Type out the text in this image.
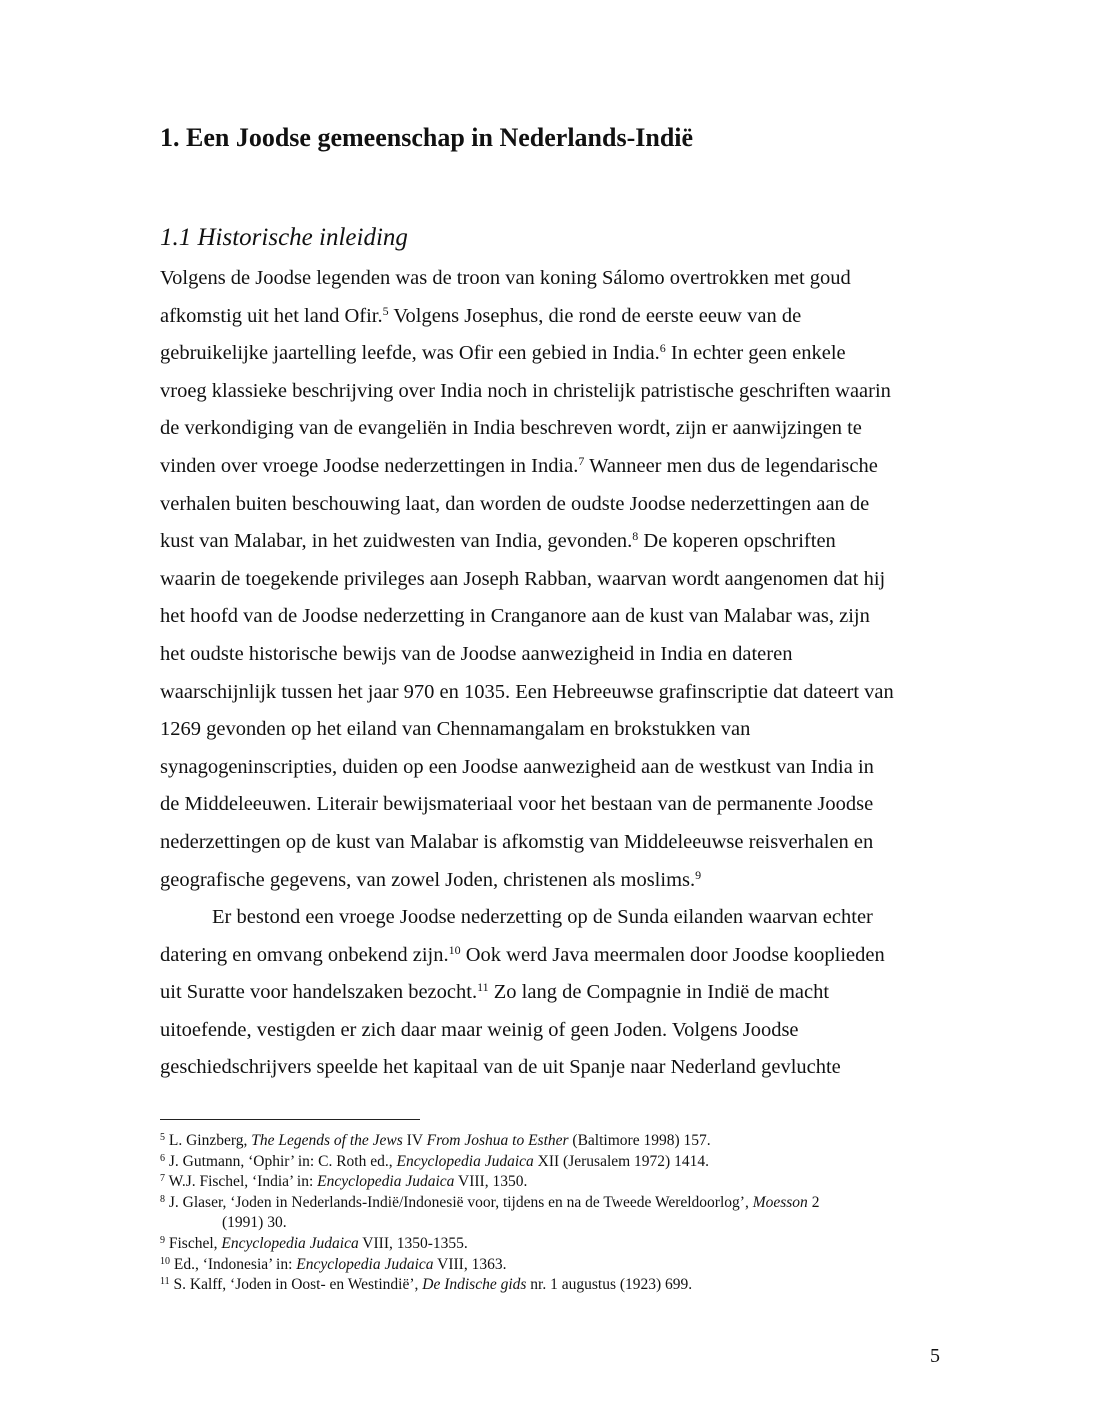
1. Een Joodse gemeenschap in Nederlands-Indië
1.1 Historische inleiding
Volgens de Joodse legenden was de troon van koning Sálomo overtrokken met goud
afkomstig uit het land Ofir.$^5$ Volgens Josephus, die rond de eerste eeuw van de
gebruikelijke jaartelling leefde, was Ofir een gebied in India.$^6$ In echter geen enkele
vroeg klassieke beschrijving over India noch in christelijk patristische geschriften waarin
de verkondiging van de evangeliën in India beschreven wordt, zijn er aanwijzingen te
vinden over vroege Joodse nederzettingen in India.$^7$ Wanneer men dus de legendarische
verhalen buiten beschouwing laat, dan worden de oudste Joodse nederzettingen aan de
kust van Malabar, in het zuidwesten van India, gevonden.$^8$ De koperen opschriften
waarin de toegekende privileges aan Joseph Rabban, waarvan wordt aangenomen dat hij
het hoofd van de Joodse nederzetting in Cranganore aan de kust van Malabar was, zijn
het oudste historische bewijs van de Joodse aanwezigheid in India en dateren
waarschijnlijk tussen het jaar 970 en 1035. Een Hebreeuwse grafinscriptie dat dateert van
1269 gevonden op het eiland van Chennamangalam en brokstukken van
synagogeninscripties, duiden op een Joodse aanwezigheid aan de westkust van India in
de Middeleeuwen. Literair bewijsmateriaal voor het bestaan van de permanente Joodse
nederzettingen op de kust van Malabar is afkomstig van Middeleeuwse reisverhalen en
geografische gegevens, van zowel Joden, christenen als moslims.$^9$
Er bestond een vroege Joodse nederzetting op de Sunda eilanden waarvan echter
datering en omvang onbekend zijn.$^{10}$ Ook werd Java meermalen door Joodse kooplieden
uit Suratte voor handelszaken bezocht.$^{11}$ Zo lang de Compagnie in Indië de macht
uitoefende, vestigden er zich daar maar weinig of geen Joden. Volgens Joodse
geschiedschrijvers speelde het kapitaal van de uit Spanje naar Nederland gevluchte
$^5$ L. Ginzberg, The Legends of the Jews IV From Joshua to Esther (Baltimore 1998) 157.
$^6$ J. Gutmann, ‘Ophir’ in: C. Roth ed., Encyclopedia Judaica XII (Jerusalem 1972) 1414.
$^7$ W.J. Fischel, ‘India’ in: Encyclopedia Judaica VIII, 1350.
$^8$ J. Glaser, ‘Joden in Nederlands-Indië/Indonesië voor, tijdens en na de Tweede Wereldoorlog’, Moesson 2
(1991) 30.
$^9$ Fischel, Encyclopedia Judaica VIII, 1350-1355.
$^{10}$ Ed., ‘Indonesia’ in: Encyclopedia Judaica VIII, 1363.
$^{11}$ S. Kalff, ‘Joden in Oost- en Westindië’, De Indische gids nr. 1 augustus (1923) 699.
5
